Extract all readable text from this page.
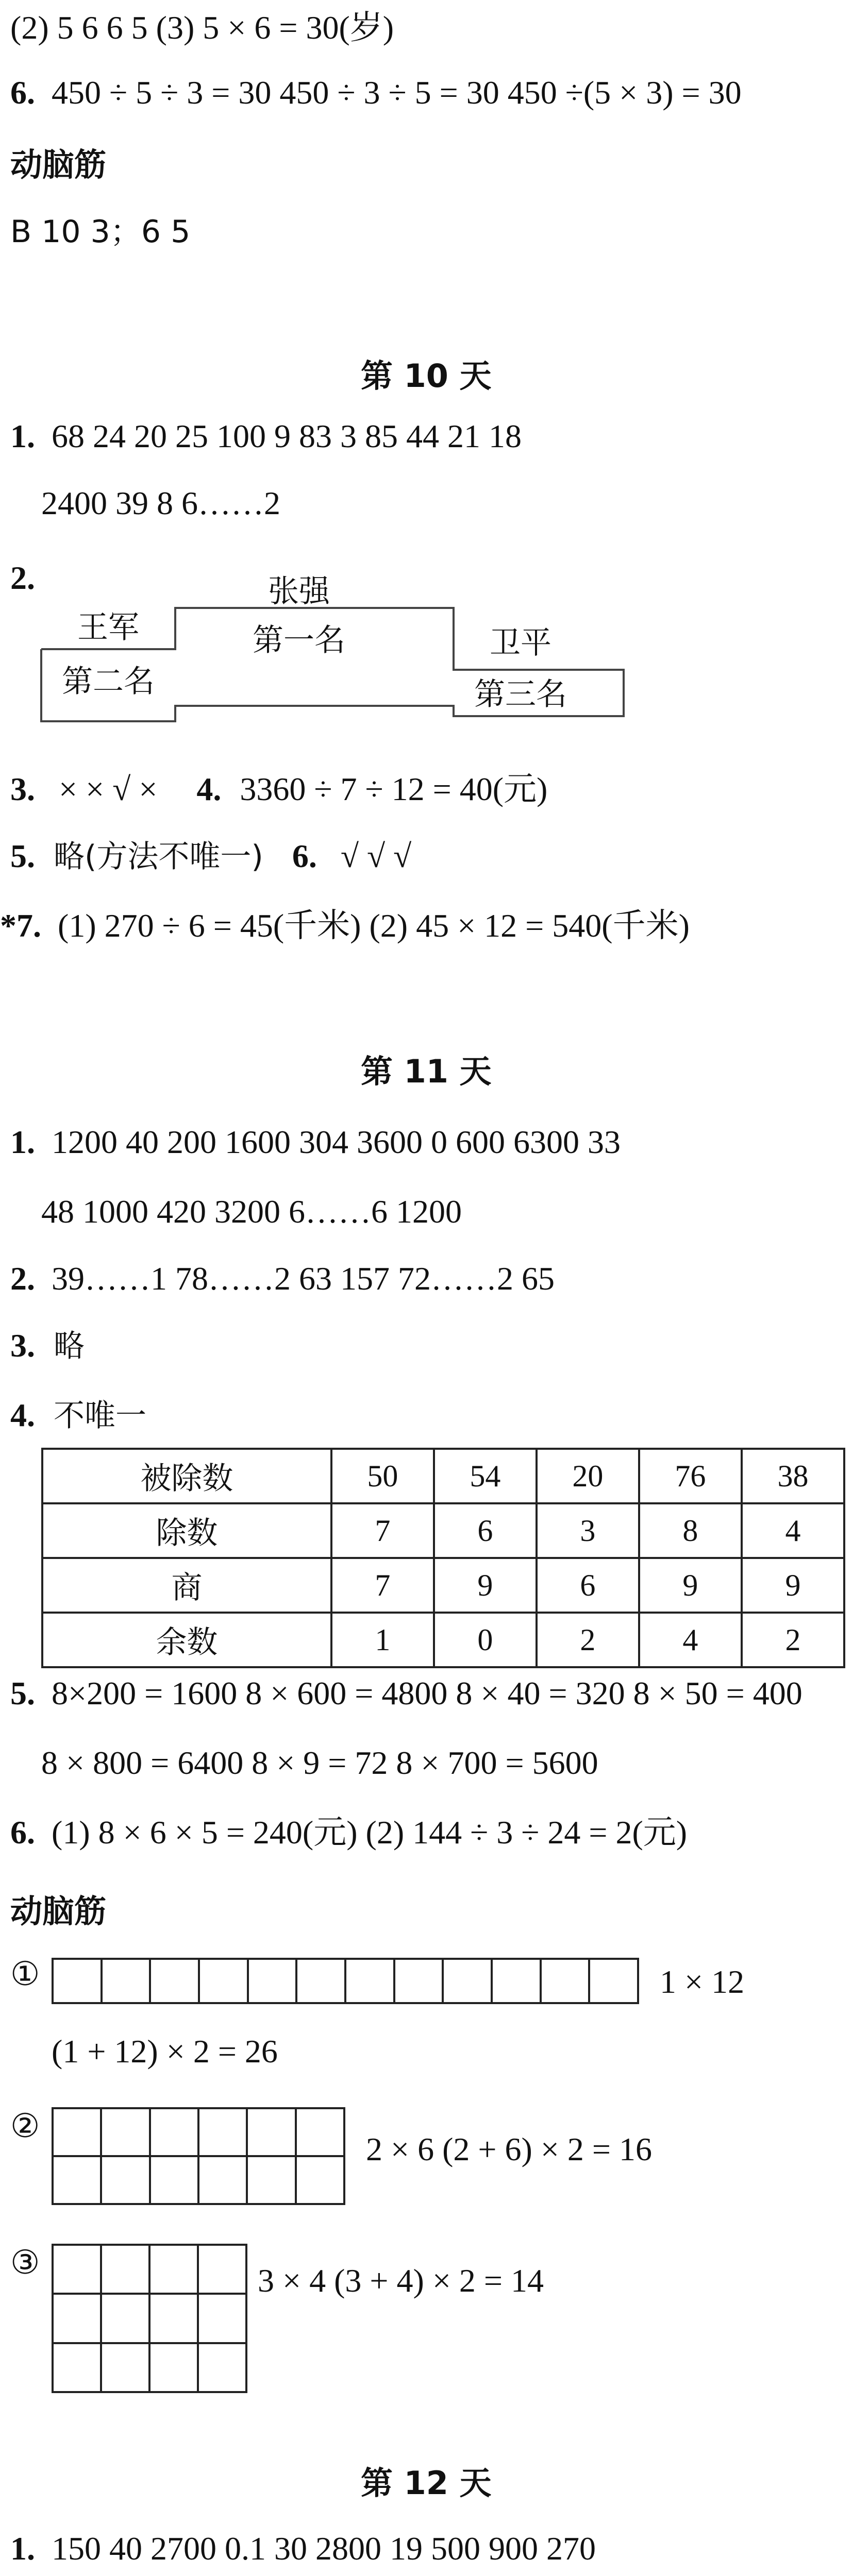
(2) 5 6 6 5 (3) 5 × 6 = 30(岁)
6. 450 ÷ 5 ÷ 3 = 30 450 ÷ 3 ÷ 5 = 30 450 ÷(5 × 3) = 30
动脑筋
B 10 3；6 5
第 10 天
1. 68 24 20 25 100 9 83 3 85 44 21 18
2400 39 8 6……2
2.	张强
第一名
王军
第二名
卫平
第三名
3. × × √ × 4. 3360 ÷ 7 ÷ 12 = 40(元)
5. 略(方法不唯一) 6. √ √ √
*7. (1) 270 ÷ 6 = 45(千米) (2) 45 × 12 = 540(千米)
第 11 天
1. 1200 40 200 1600 304 3600 0 600 6300 33
48 1000 420 3200 6……6 1200
2. 39……1 78……2 63 157 72……2 65
3. 略
4. 不唯一
被除数	50	54	20	76	38
除数	7	6	3	8	4
商	7	9	6	9	9
余数	1	0	2	4	2
5. 8×200 = 1600 8 × 600 = 4800 8 × 40 = 320 8 × 50 = 400
8 × 800 = 6400 8 × 9 = 72 8 × 700 = 5600
6. (1) 8 × 6 × 5 = 240(元) (2) 144 ÷ 3 ÷ 24 = 2(元)
动脑筋
①	1 × 12
(1 + 12) × 2 = 26
②
2 × 6 (2 + 6) × 2 = 16
③	3 × 4 (3 + 4) × 2 = 14
第 12 天
1. 150 40 2700 0.1 30 2800 19 500 900 270
